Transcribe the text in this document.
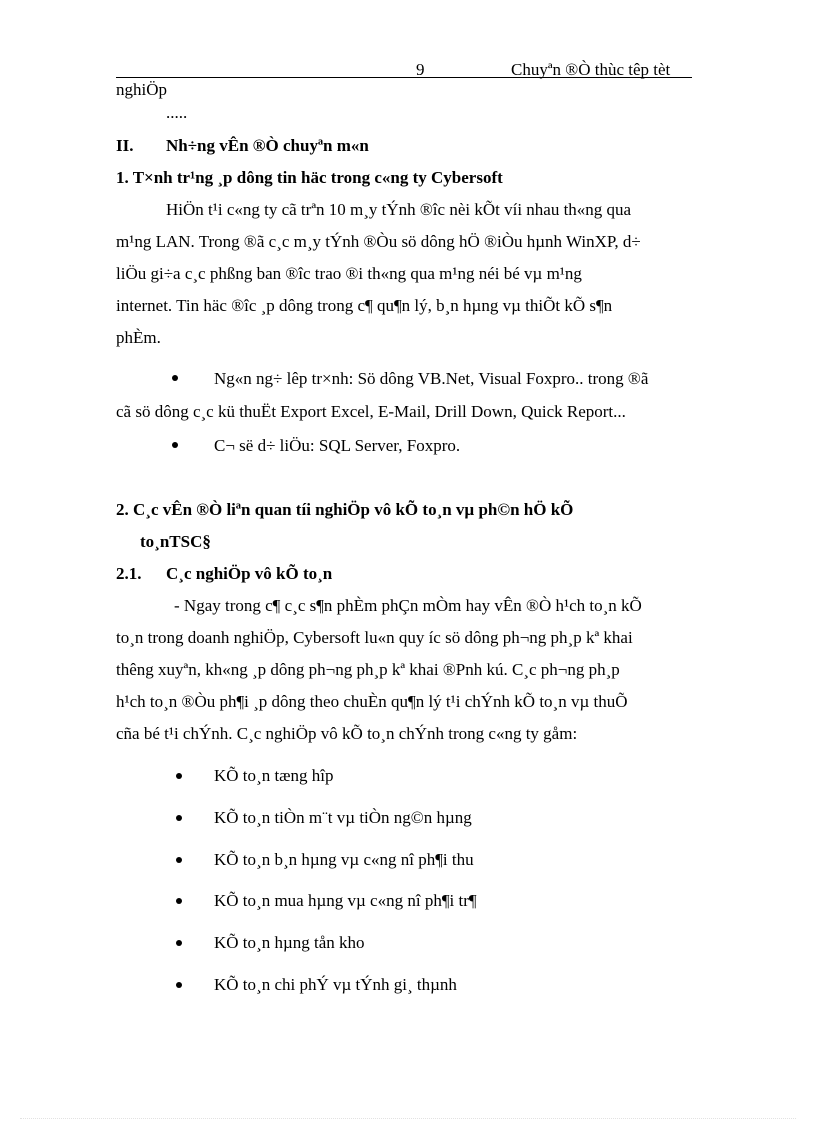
9	Chuyªn ®Ò thùc têp tèt
nghiÖp
.....
II. Nh÷ng vÊn ®Ò chuyªn m«n
1. T×nh tr¹ng ¸p dông tin häc trong c«ng ty Cybersoft
HiÖn t¹i c«ng ty cã trªn 10 m¸y tÝnh ®îc nèi kÕt víi nhau th«ng qua
m¹ng LAN. Trong ®ã c¸c m¸y tÝnh ®Òu sö dông hÖ ®iÒu hµnh WinXP, d÷
liÖu gi÷a c¸c phßng ban ®îc trao ®i th«ng qua m¹ng néi bé vµ m¹ng
internet. Tin häc ®îc ¸p dông trong c¶ qu¶n lý, b¸n hµng vµ thiÕt kÕ s¶n
phÈm.
Ng«n ng÷ lêp tr×nh: Sö dông VB.Net, Visual Foxpro.. trong ®ã
cã sö dông c¸c kü thuËt Export Excel, E-Mail, Drill Down, Quick Report...
C¬ së d÷ liÖu: SQL Server, Foxpro.
2. C¸c vÊn ®Ò liªn quan tíi nghiÖp vô kÕ to¸n vµ ph©n hÖ kÕ
to¸nTSC§
2.1. C¸c nghiÖp vô kÕ to¸n
- Ngay trong c¶ c¸c s¶n phÈm phÇn mÒm hay vÊn ®Ò h¹ch to¸n kÕ
to¸n trong doanh nghiÖp, Cybersoft lu«n quy íc sö dông ph¬ng ph¸p kª khai
thêng xuyªn, kh«ng ¸p dông ph¬ng ph¸p kª khai ®Pnh kú. C¸c ph¬ng ph¸p
h¹ch to¸n ®Òu ph¶i ¸p dông theo chuÈn qu¶n lý t¹i chÝnh kÕ to¸n vµ thuÕ
cña bé t¹i chÝnh. C¸c nghiÖp vô kÕ to¸n chÝnh trong c«ng ty gåm:
KÕ to¸n tæng hîp
KÕ to¸n tiÒn m¨t vµ tiÒn ng©n hµng
KÕ to¸n b¸n hµng vµ c«ng nî ph¶i thu
KÕ to¸n mua hµng vµ c«ng nî ph¶i tr¶
KÕ to¸n hµng tån kho
KÕ to¸n chi phÝ vµ tÝnh gi¸ thµnh
